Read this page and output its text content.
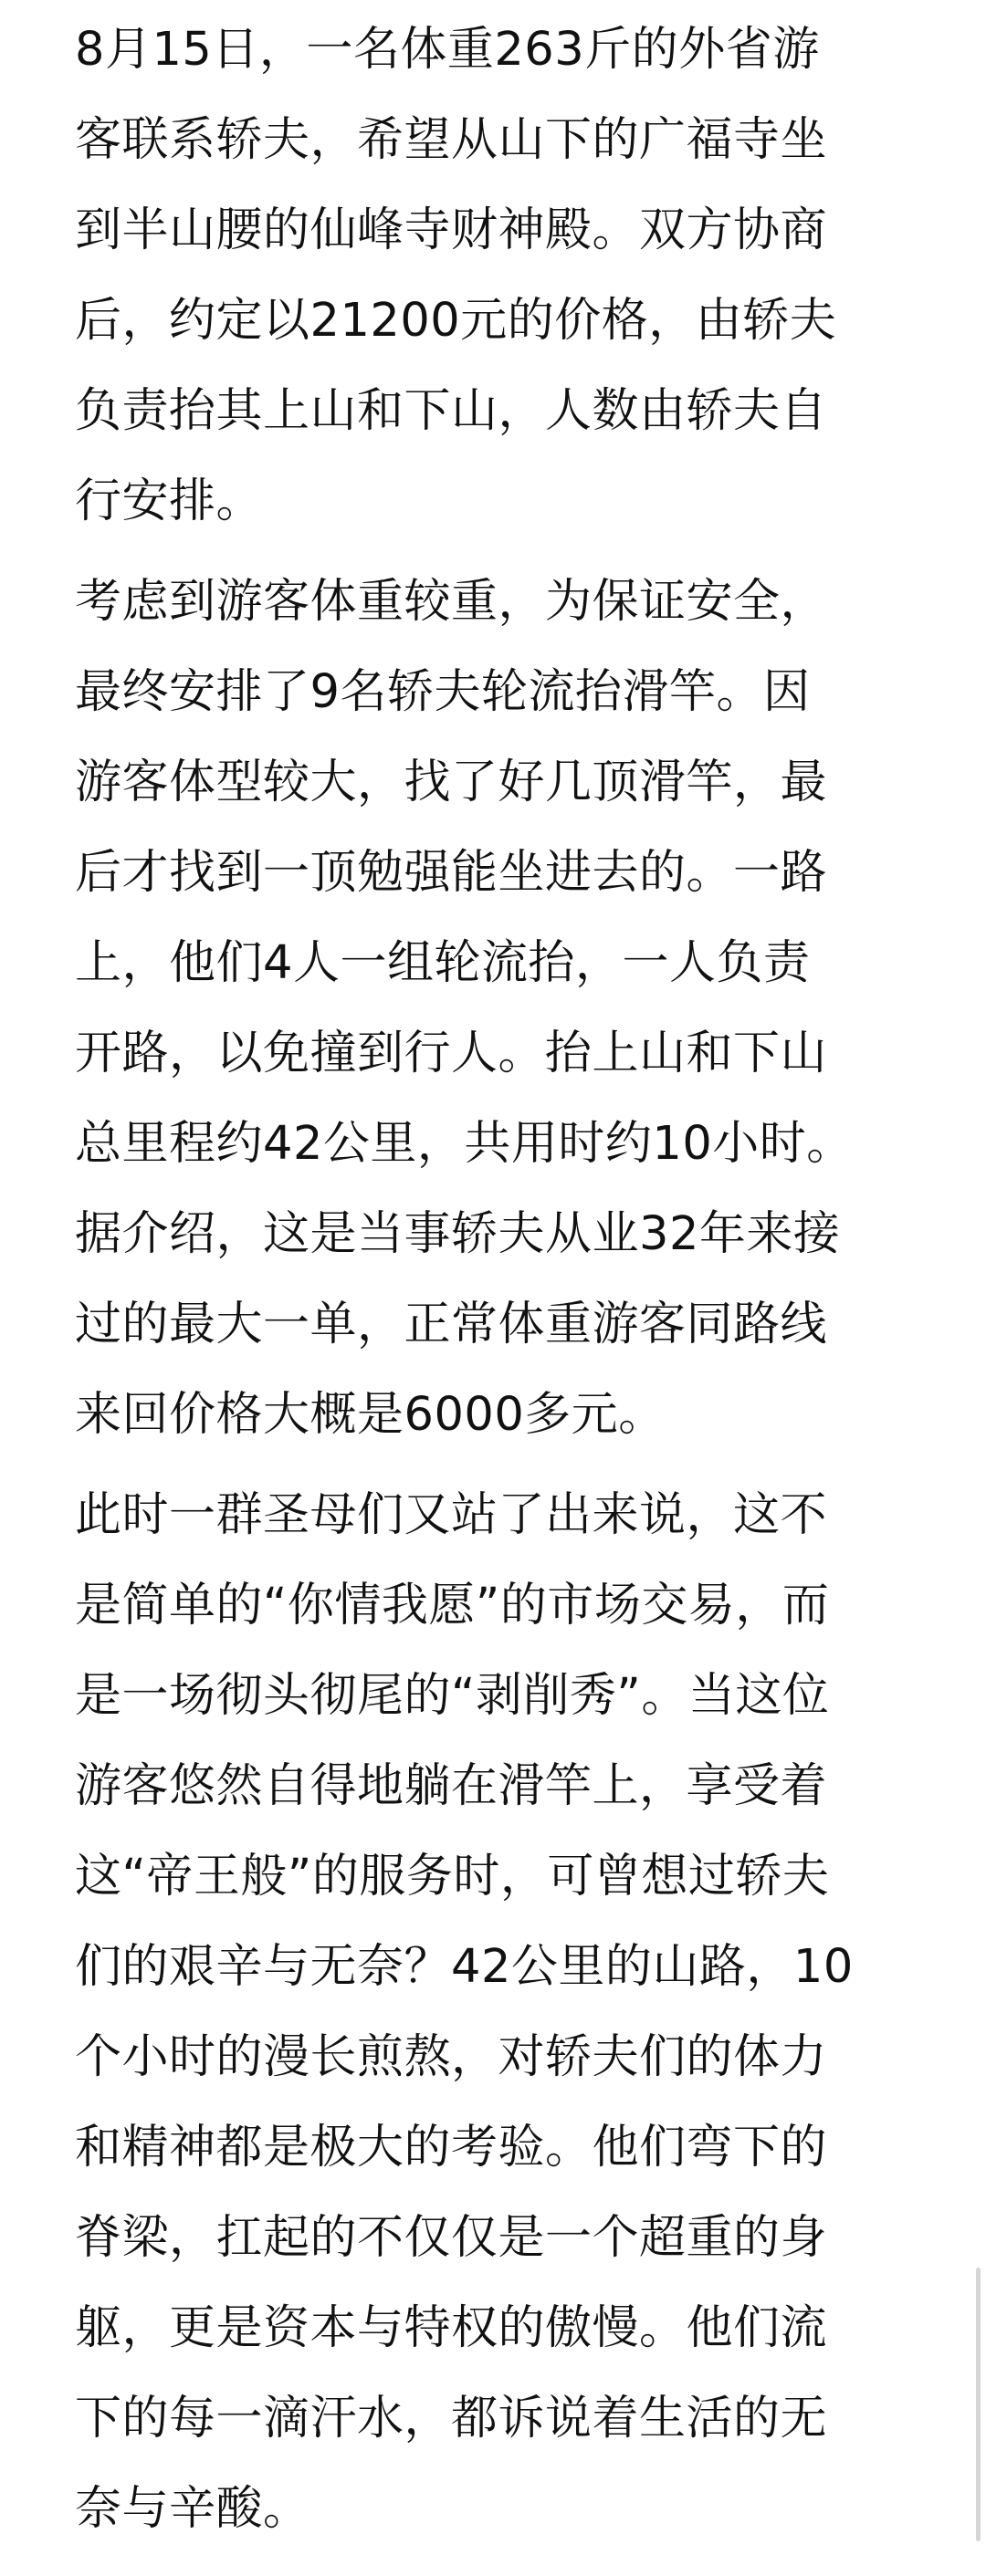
8月15日，一名体重263斤的外省游
客联系轿夫，希望从山下的广福寺坐
到半山腰的仙峰寺财神殿。双方协商
后，约定以21200元的价格，由轿夫
负责抬其上山和下山，人数由轿夫自
行安排。
考虑到游客体重较重，为保证安全，
最终安排了9名轿夫轮流抬滑竿。因
游客体型较大，找了好几顶滑竿，最
后才找到一顶勉强能坐进去的。一路
上，他们4人一组轮流抬，一人负责
开路，以免撞到行人。抬上山和下山
总里程约42公里，共用时约10小时。
据介绍，这是当事轿夫从业32年来接
过的最大一单，正常体重游客同路线
来回价格大概是6000多元。
此时一群圣母们又站了出来说，这不
是简单的“你情我愿”的市场交易，而
是一场彻头彻尾的“剥削秀”。当这位
游客悠然自得地躺在滑竿上，享受着
这“帝王般”的服务时，可曾想过轿夫
们的艰辛与无奈？42公里的山路，10
个小时的漫长煎熬，对轿夫们的体力
和精神都是极大的考验。他们弯下的
脊梁，扛起的不仅仅是一个超重的身
躯，更是资本与特权的傲慢。他们流
下的每一滴汗水，都诉说着生活的无
奈与辛酸。
